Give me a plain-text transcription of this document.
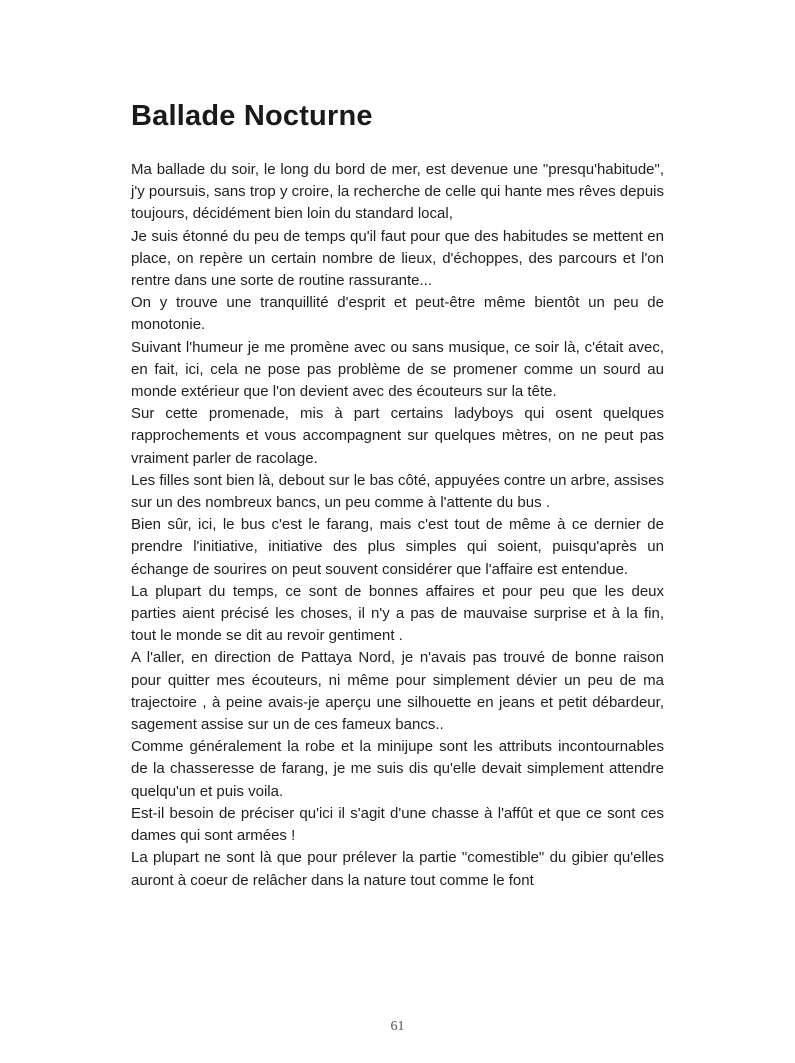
Ballade Nocturne

Ma ballade du soir, le long du bord de mer, est devenue une "presqu'habitude", j'y poursuis, sans trop y croire, la recherche de celle qui hante mes rêves depuis toujours, décidément bien loin du standard local,

Je suis étonné du peu de temps qu'il faut pour que des habitudes se mettent en place, on repère un certain nombre de lieux, d'échoppes, des parcours et l'on rentre dans une sorte de routine rassurante...

On y trouve une tranquillité d'esprit et peut-être même bientôt un peu de monotonie.

Suivant l'humeur je me promène avec ou sans musique, ce soir là, c'était avec, en fait, ici, cela ne pose pas problème de se promener comme un sourd au monde extérieur que l'on devient avec des écouteurs sur la tête.

Sur cette promenade, mis à part certains ladyboys qui osent quelques rapprochements et vous accompagnent sur quelques mètres, on ne peut pas vraiment parler de racolage.

Les filles sont bien là, debout sur le bas côté, appuyées contre un arbre, assises sur un des nombreux bancs, un peu comme à l'attente du bus .

Bien sûr, ici, le bus c'est le farang, mais c'est tout de même à ce dernier de prendre l'initiative, initiative des plus simples qui soient, puisqu'après un échange de sourires on peut souvent considérer que l'affaire est entendue.

La plupart du temps, ce sont de bonnes affaires et pour peu que les deux parties aient précisé les choses, il n'y a pas de mauvaise surprise et à la fin, tout le monde se dit au revoir gentiment .

A l'aller, en direction de Pattaya Nord, je n'avais pas trouvé de bonne raison pour quitter mes écouteurs, ni même pour simplement dévier un peu de ma trajectoire , à peine avais-je aperçu une silhouette en jeans et petit débardeur, sagement assise sur un de ces fameux bancs..

Comme généralement la robe et la minijupe sont les attributs incontournables de la chasseresse de farang, je me suis dis qu'elle devait simplement attendre quelqu'un et puis voila.

Est-il besoin de préciser qu'ici il s'agit d'une chasse à l'affût et que ce sont ces dames qui sont armées !

La plupart ne sont là que pour prélever la partie "comestible" du gibier qu'elles auront à coeur de relâcher dans la nature tout comme le font

61
